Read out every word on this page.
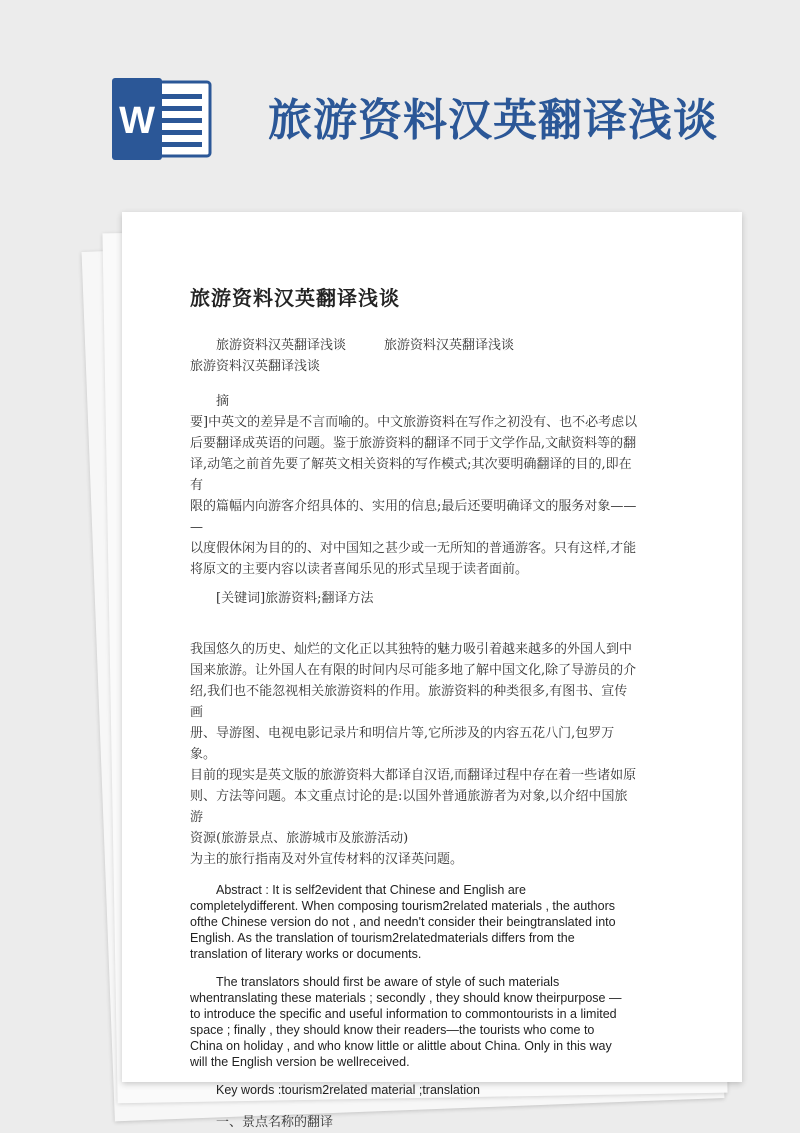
W	旅游资料汉英翻译浅谈
旅游资料汉英翻译浅谈

旅游资料汉英翻译浅谈	旅游资料汉英翻译浅谈

旅游资料汉英翻译浅谈

摘

要]中英文的差异是不言而喻的。中文旅游资料在写作之初没有、也不必考虑以

后要翻译成英语的问题。鉴于旅游资料的翻译不同于文学作品,文献资料等的翻

译,动笔之前首先要了解英文相关资料的写作模式;其次要明确翻译的目的,即在有

限的篇幅内向游客介绍具体的、实用的信息;最后还要明确译文的服务对象——

—

以度假休闲为目的的、对中国知之甚少或一无所知的普通游客。只有这样,才能

将原文的主要内容以读者喜闻乐见的形式呈现于读者面前。

[关键词]旅游资料;翻译方法

我国悠久的历史、灿烂的文化正以其独特的魅力吸引着越来越多的外国人到中

国来旅游。让外国人在有限的时间内尽可能多地了解中国文化,除了导游员的介

绍,我们也不能忽视相关旅游资料的作用。旅游资料的种类很多,有图书、宣传画

册、导游图、电视电影记录片和明信片等,它所涉及的内容五花八门,包罗万象。

目前的现实是英文版的旅游资料大都译自汉语,而翻译过程中存在着一些诸如原

则、方法等问题。本文重点讨论的是:以国外普通旅游者为对象,以介绍中国旅游

资源(旅游景点、旅游城市及旅游活动)

为主的旅行指南及对外宣传材料的汉译英问题。

Abstract : It is self2evident that Chinese and English are

completelydifferent. When composing tourism2related materials , the authors

ofthe Chinese version do not , and needn't consider their beingtranslated into

English. As the translation of tourism2relatedmaterials differs from the

translation of literary works or documents.

The translators should first be aware of style of such materials

whentranslating these materials ; secondly , they should know theirpurpose —

to introduce the specific and useful information to commontourists in a limited

space ; finally , they should know their readers—the tourists who come to

China on holiday , and who know little or alittle about China. Only in this way

will the English version be wellreceived.

Key words :tourism2related material ;translation

一、景点名称的翻译
